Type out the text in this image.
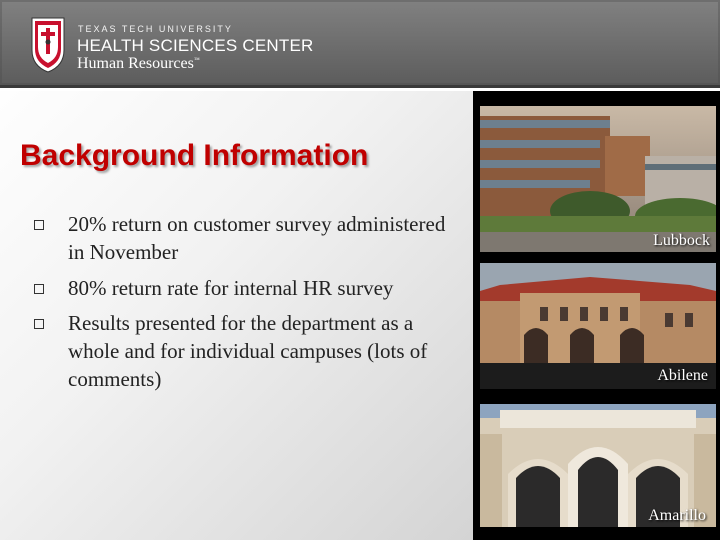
TEXAS TECH UNIVERSITY
HEALTH SCIENCES CENTER
Human Resources™
Background Information
20% return on customer survey administered in November
80% return rate for internal HR survey
Results presented for the department as a whole and for individual campuses (lots of comments)
Lubbock
Abilene
Amarillo
